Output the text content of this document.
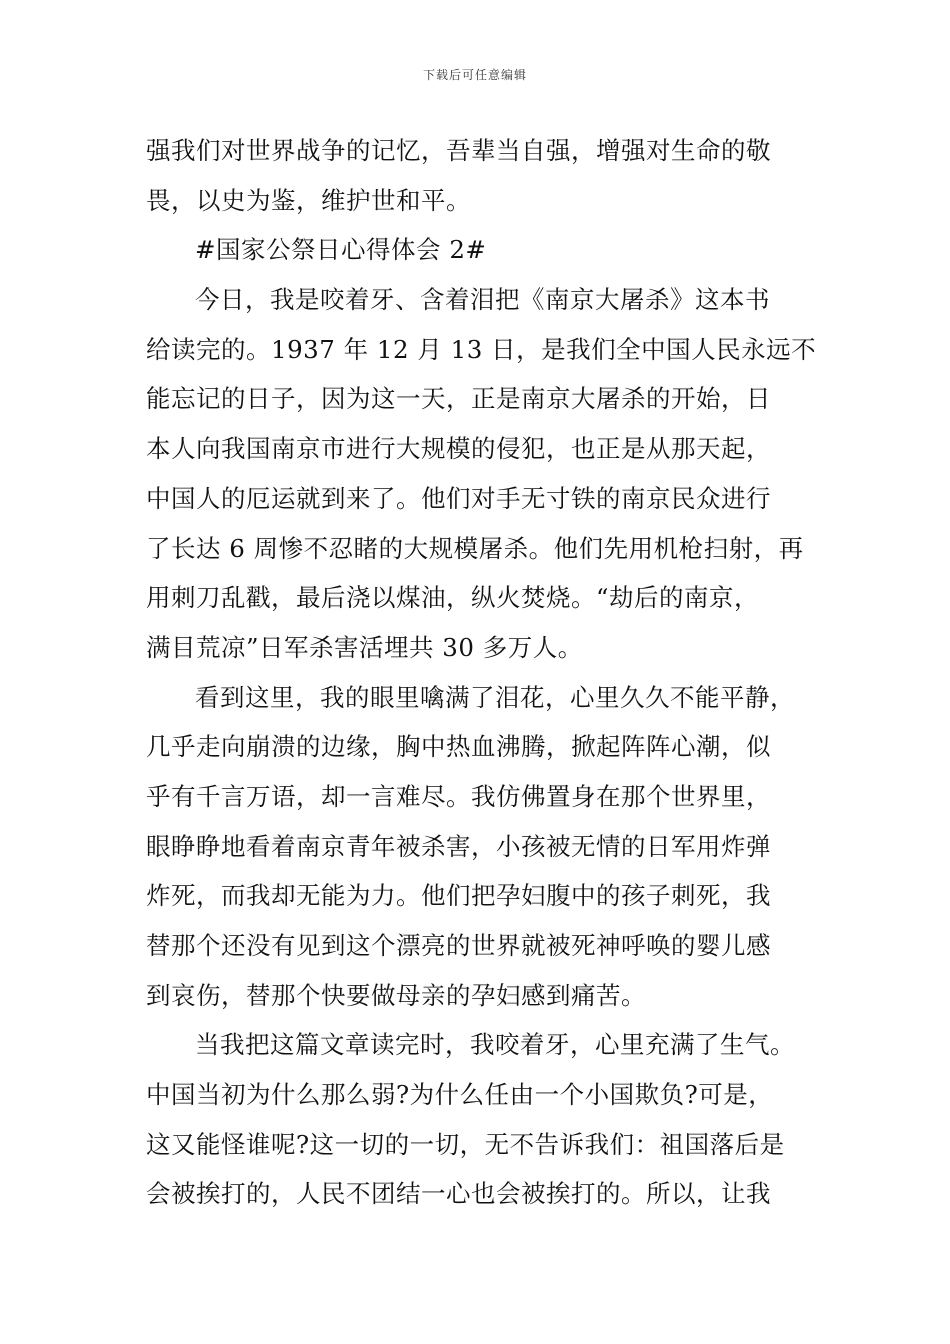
下载后可任意编辑
强我们对世界战争的记忆，吾辈当自强，增强对生命的敬
畏，以史为鉴，维护世和平。
#国家公祭日心得体会 2#
今日，我是咬着牙、含着泪把《南京大屠杀》这本书
给读完的。1937 年 12 月 13 日，是我们全中国人民永远不
能忘记的日子，因为这一天，正是南京大屠杀的开始，日
本人向我国南京市进行大规模的侵犯，也正是从那天起，
中国人的厄运就到来了。他们对手无寸铁的南京民众进行
了长达 6 周惨不忍睹的大规模屠杀。他们先用机枪扫射，再
用刺刀乱戳，最后浇以煤油，纵火焚烧。“劫后的南京，
满目荒凉”日军杀害活埋共 30 多万人。
看到这里，我的眼里噙满了泪花，心里久久不能平静，
几乎走向崩溃的边缘，胸中热血沸腾，掀起阵阵心潮，似
乎有千言万语，却一言难尽。我仿佛置身在那个世界里，
眼睁睁地看着南京青年被杀害，小孩被无情的日军用炸弹
炸死，而我却无能为力。他们把孕妇腹中的孩子刺死，我
替那个还没有见到这个漂亮的世界就被死神呼唤的婴儿感
到哀伤，替那个快要做母亲的孕妇感到痛苦。
当我把这篇文章读完时，我咬着牙，心里充满了生气。
中国当初为什么那么弱?为什么任由一个小国欺负?可是，
这又能怪谁呢?这一切的一切，无不告诉我们：祖国落后是
会被挨打的，人民不团结一心也会被挨打的。所以，让我
